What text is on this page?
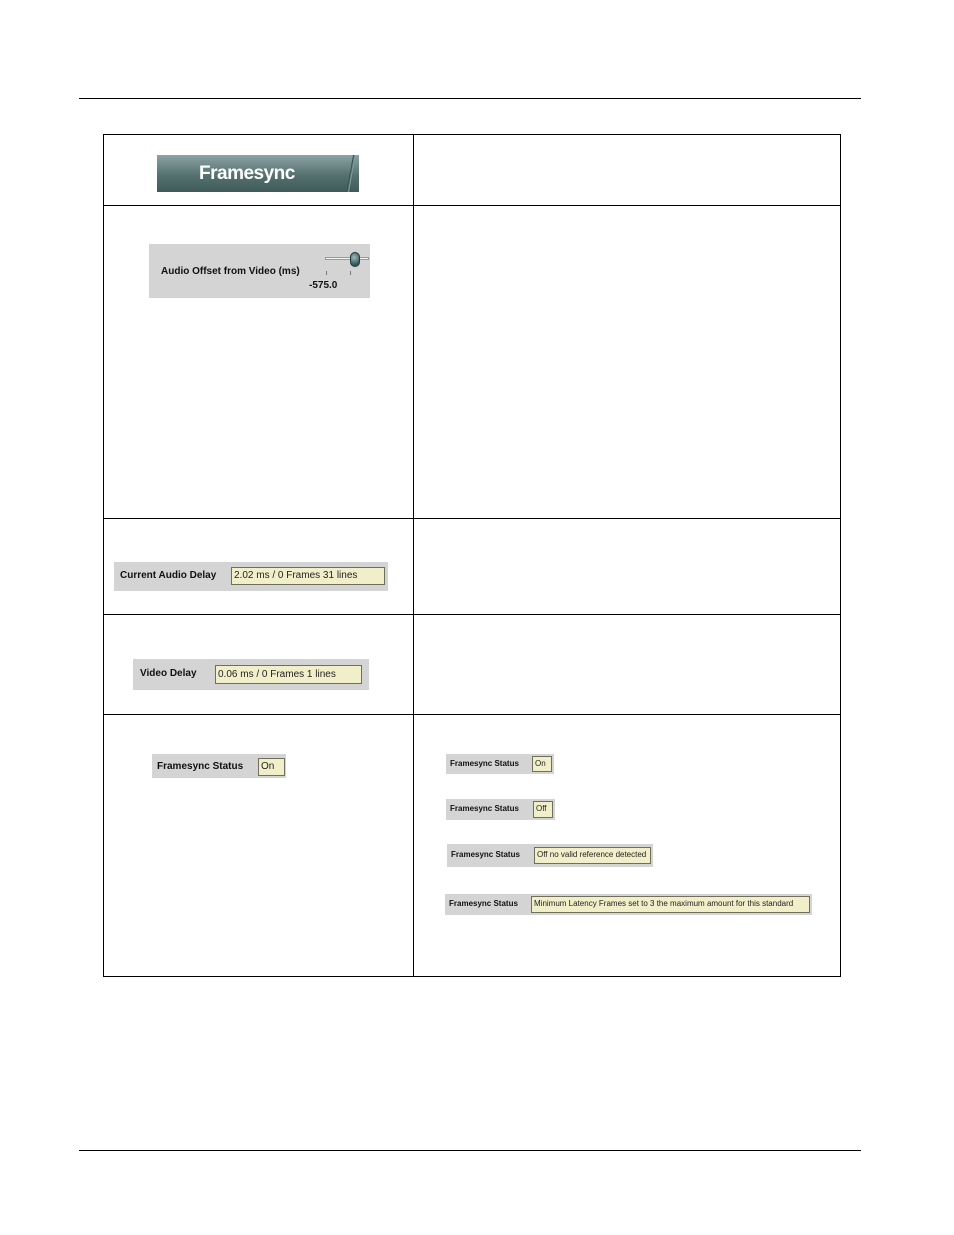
Framesync
Audio Offset from Video (ms)
-575.0
Current Audio Delay	2.02 ms / 0 Frames 31 lines
Video Delay	0.06 ms / 0 Frames 1 lines
Framesync Status	On	Framesync Status	On
Framesync Status	Off
Framesync Status	Off no valid reference detected
Framesync Status	Minimum Latency Frames set to 3 the maximum amount for this standard
